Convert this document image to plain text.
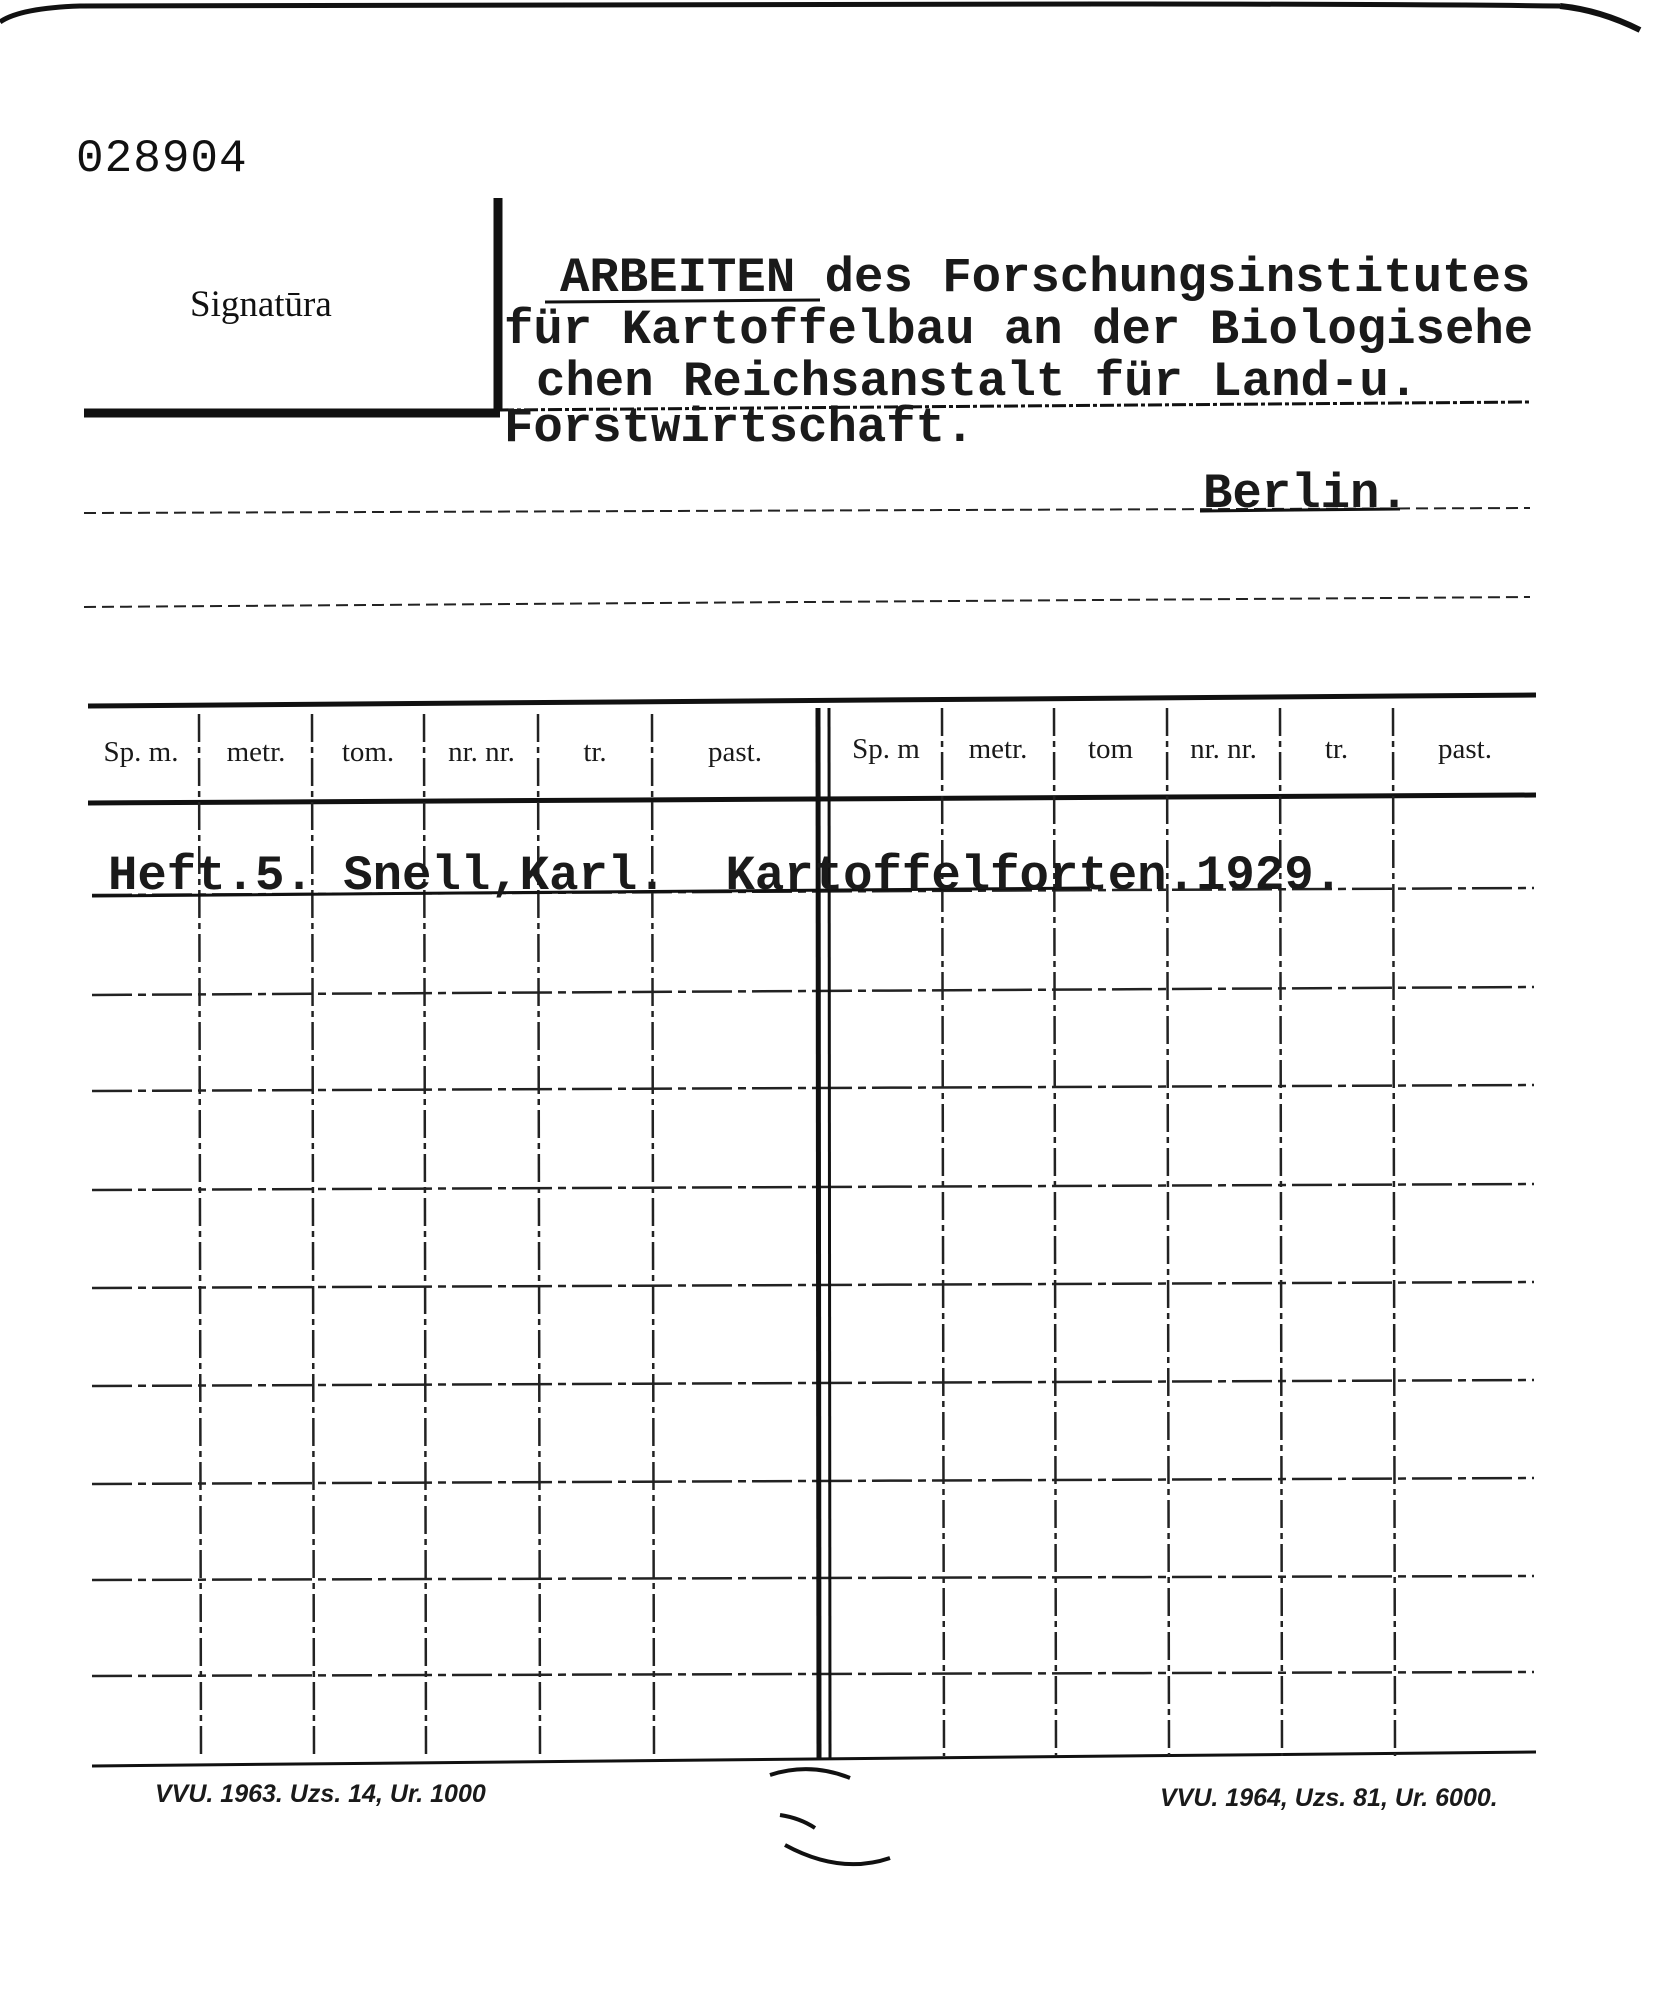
028904
Signatūra	ARBEITEN des Forschungsinstitutes
für Kartoffelbau an der Biologisehe
chen Reichsanstalt für Land-u.
Forstwirtschaft.
Berlin.
Sp. m.	metr.	tom.	nr. nr.	tr.	past.	Sp. m	metr.	tom	nr. nr.	tr.	past.
Heft.5. Snell,Karl.  Kartoffelforten.1929.
VVU. 1963. Uzs. 14, Ur. 1000	VVU. 1964, Uzs. 81, Ur. 6000.
